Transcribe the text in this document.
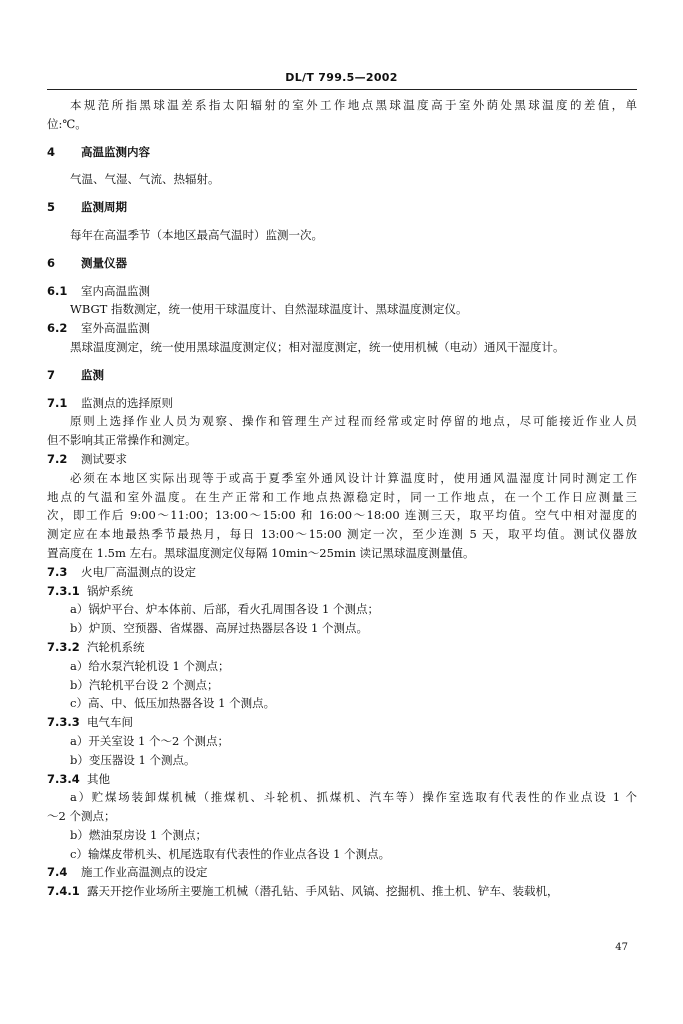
DL/T 799.5—2002
本规范所指黑球温差系指太阳辐射的室外工作地点黑球温度高于室外荫处黑球温度的差值，单
位:℃。
4 高温监测内容
气温、气湿、气流、热辐射。
5 监测周期
每年在高温季节（本地区最高气温时）监测一次。
6 测量仪器
6.1 室内高温监测
WBGT 指数测定，统一使用干球温度计、自然湿球温度计、黑球温度测定仪。
6.2 室外高温监测
黑球温度测定，统一使用黑球温度测定仪；相对湿度测定，统一使用机械（电动）通风干湿度计。
7 监测
7.1 监测点的选择原则
原则上选择作业人员为观察、操作和管理生产过程而经常或定时停留的地点，尽可能接近作业人员
但不影响其正常操作和测定。
7.2 测试要求
必须在本地区实际出现等于或高于夏季室外通风设计计算温度时，使用通风温湿度计同时测定工作
地点的气温和室外温度。在生产正常和工作地点热源稳定时，同一工作地点，在一个工作日应测量三
次，即工作后 9:00～11:00；13:00～15:00 和 16:00～18:00 连测三天，取平均值。空气中相对湿度的
测定应在本地最热季节最热月，每日 13:00～15:00 测定一次，至少连测 5 天，取平均值。测试仪器放
置高度在 1.5m 左右。黑球温度测定仪每隔 10min～25min 读记黑球温度测量值。
7.3 火电厂高温测点的设定
7.3.1 锅炉系统
a）锅炉平台、炉本体前、后部，看火孔周围各设 1 个测点；
b）炉顶、空预器、省煤器、高屏过热器层各设 1 个测点。
7.3.2 汽轮机系统
a）给水泵汽轮机设 1 个测点；
b）汽轮机平台设 2 个测点；
c）高、中、低压加热器各设 1 个测点。
7.3.3 电气车间
a）开关室设 1 个～2 个测点；
b）变压器设 1 个测点。
7.3.4 其他
a）贮煤场装卸煤机械（推煤机、斗轮机、抓煤机、汽车等）操作室选取有代表性的作业点设 1 个
～2 个测点；
b）燃油泵房设 1 个测点；
c）输煤皮带机头、机尾选取有代表性的作业点各设 1 个测点。
7.4 施工作业高温测点的设定
7.4.1 露天开挖作业场所主要施工机械（潜孔钻、手风钻、风镐、挖掘机、推土机、铲车、装载机，
47
